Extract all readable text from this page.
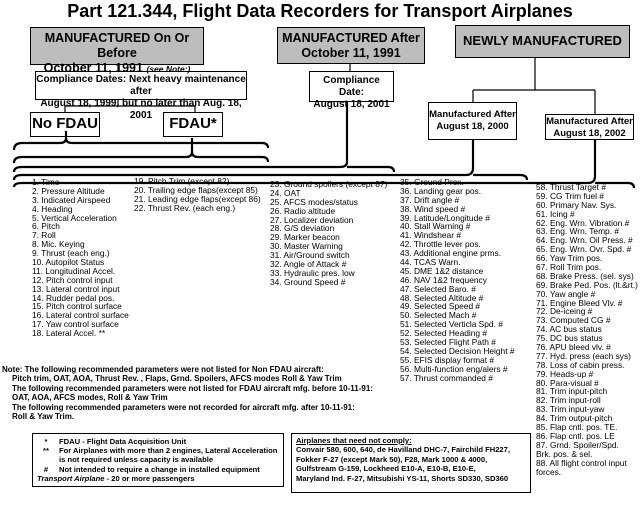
Part 121.344, Flight Data Recorders for Transport Airplanes
MANUFACTURED On Or Before
October 11, 1991 (see Note:)
MANUFACTURED After
October 11, 1991
NEWLY MANUFACTURED
Compliance Dates: Next heavy maintenance after
August 18, 1999, but no later than Aug. 18, 2001
Compliance Date:
August 18, 2001
No FDAU	FDAU*
Manufactured After
August 18, 2000	Manufactured After
August 18, 2002
1. Time
2. Pressure Altitude
3. Indicated Airspeed
4. Heading
5. Vertical Acceleration
6. Pitch
7. Roll
8. Mic. Keying
9. Thrust (each eng.)
10. Autopilot Status
11. Longitudinal Accel.
12. Pitch control input
13. Lateral control input
14. Rudder pedal pos.
15. Pitch control surface
16. Lateral control surface
17. Yaw control surface
18. Lateral Accel. **
19. Pitch Trim (except 82)
20. Trailing edge flaps(except 85)
21. Leading edge flaps(except 86)
22. Thrust Rev. (each eng.)
23. Ground spoilers (except 87)
24. OAT
25. AFCS modes/status
26. Radio altitude
27. Localizer deviation
28. G/S deviation
29. Marker beacon
30. Master Warning
31. Air/Ground switch
32. Angle of Attack #
33. Hydraulic pres. low
34. Ground Speed #
35. Ground Prox.
36. Landing gear pos.
37. Drift angle #
38. Wind speed #
39. Latitude/Longitude #
40. Stall Warning #
41. Windshear #
42. Throttle lever pos.
43. Additional engine prms.
44. TCAS Warn.
45. DME 1&2 distance
46. NAV 1&2 frequency
47. Selected Baro. #
48. Selected Altitude #
49. Selected Speed #
50. Selected Mach #
51. Selected Verticla Spd. #
52. Selected Heading #
53. Selected Flight Path #
54. Selected Decision Height #
55. EFIS display format #
56. Multi-function eng/alers #
57. Thrust commanded #
58. Thrust Target #
59. CG Trim fuel #
60. Primary Nav. Sys.
61. Icing #
62. Eng. Wrn. Vibration #
63. Eng. Wrn. Temp. #
64. Eng. Wrn. Oil Press. #
65. Eng. Wrn. Ovr. Spd. #
66. Yaw Trim pos.
67. Roll Trim pos.
68. Brake Press. (sel. sys)
69. Brake Ped. Pos. (lt.&rt.)
70. Yaw angle #
71. Engine Bleed Vlv. #
72. De-iceing #
73. Computed CG #
74. AC bus status
75. DC bus status
76. APU bleed vlv. #
77. Hyd. press (each sys)
78. Loss of cabin press.
79. Heads-up #
80. Para-visual #
81. Trim input-pitch
82. Trim input-roll
83. Trim input-yaw
84. Trim output-pitch
85. Flap cntl. pos. TE.
86. Flap cntl. pos. LE
87. Grnd. Spoiler/Spd.
Brk. pos. & sel.
88. All flight control input
forces.
Note: The following recommended parameters were not listed for Non FDAU aircraft:
Pitch trim, OAT, AOA, Thrust Rev. , Flaps, Grnd. Spoilers, AFCS modes Roll & Yaw Trim
The following recommended parameters were not listed for FDAU aircraft mfg. before 10-11-91:
OAT, AOA, AFCS modes, Roll & Yaw Trim
The following recommended parameters were not recorded for aircraft mfg. after 10-11-91:
Roll & Yaw Trim.
*	FDAU - Flight Data Acquisition Unit
**	For Airplanes with more than 2 engines, Lateral Acceleration
is not required unless capacity is available
#	Not intended to require a change in installed equipment
Transport Airplane - 20 or more passengers
Airplanes that need not comply:
Convair 580, 600, 640, de Havilland DHC-7, Fairchild FH227,
Fokker F-27 (except Mark 50), F28, Mark 1000 & 4000,
Gulfstream G-159, Lockheed E10-A, E10-B, E10-E,
Maryland Ind. F-27, Mitsubishi YS-11, Shorts SD330, SD360
